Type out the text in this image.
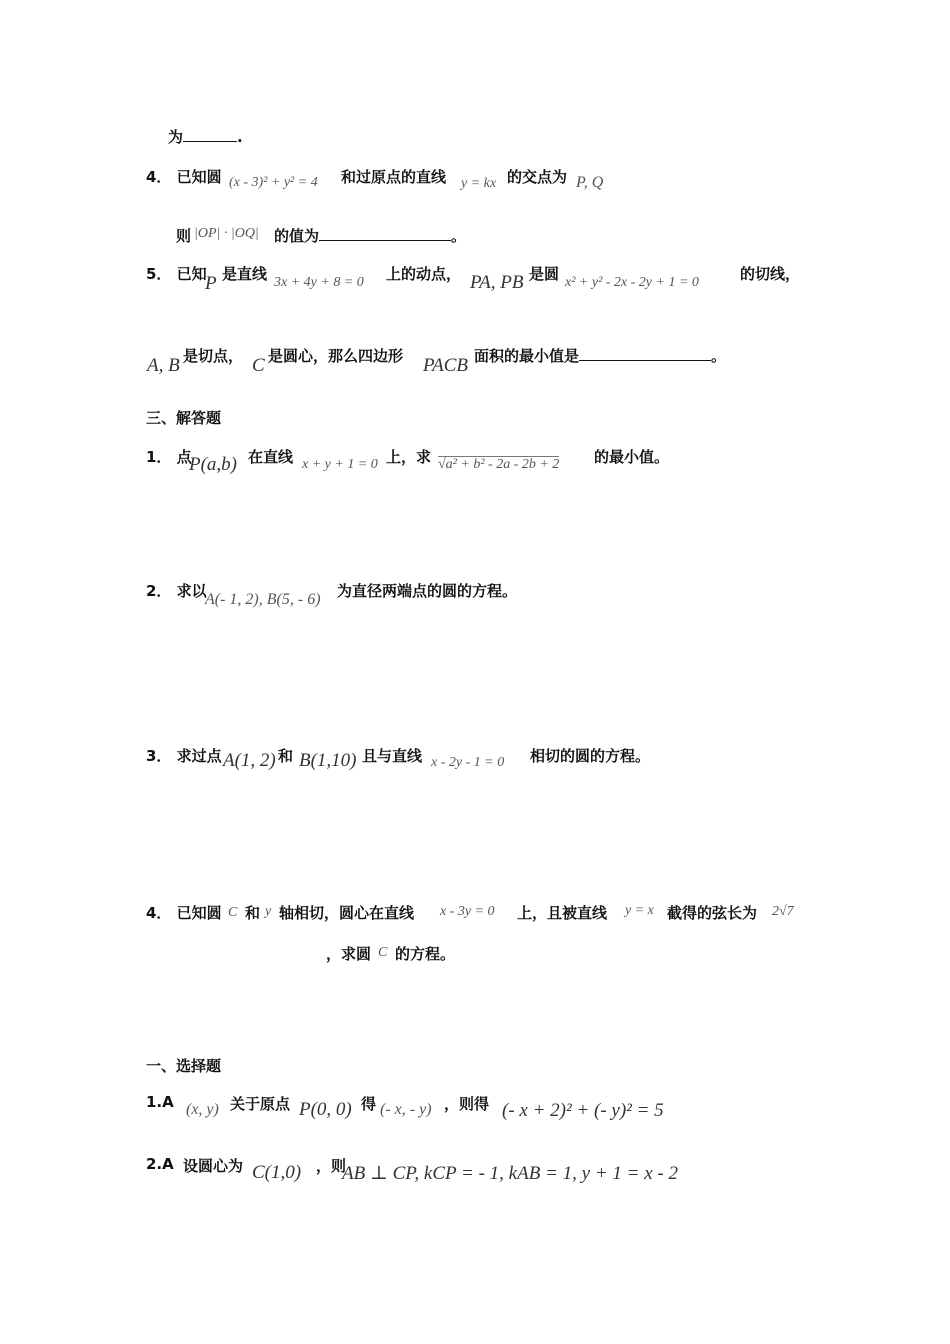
为	.
4． 已知圆 (x - 3)² + y² = 4 和过原点的直线 y = kx 的交点为 P, Q
则 |OP| · |OQ| 的值为	。
5． 已知
P 是直线 3x + 4y + 8 = 0 上的动点， PA, PB 是圆 x² + y² - 2x - 2y + 1 = 0	的切线，
A, B 是切点， C 是圆心，那么四边形 PACB 面积的最小值是	。
三、解答题
1． 点
P(a,b) 在直线 x + y + 1 = 0 上，求 √a² + b² - 2a - 2b + 2 的最小值。
2． 求以
A(- 1, 2), B(5, - 6) 为直径两端点的圆的方程。
3． 求过点 A(1, 2) 和 B(1,10) 且与直线 x - 2y - 1 = 0 相切的圆的方程。
4． 已知圆 C 和 y 轴相切，圆心在直线 x - 3y = 0 上，且被直线 y = x 截得的弦长为 2√7
，求圆 C 的方程。
一、选择题
1.A (x, y) 关于原点 P(0, 0) 得 (- x, - y) ，则得 (- x + 2)² + (- y)² = 5
2.A 设圆心为 C(1,0) ，则
AB ⊥ CP, kCP = - 1, kAB = 1, y + 1 = x - 2
